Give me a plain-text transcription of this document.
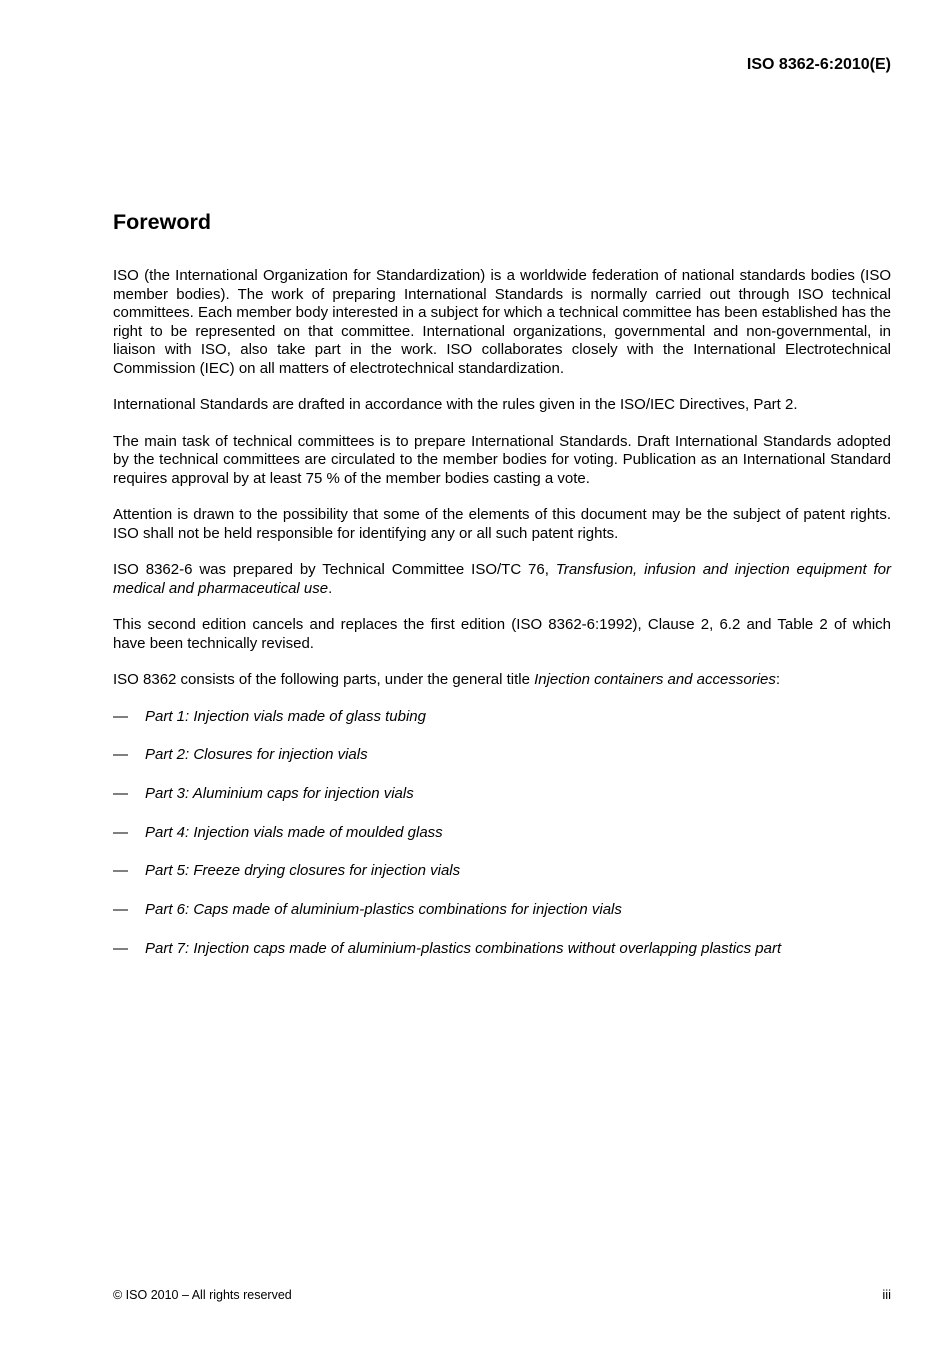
ISO 8362-6:2010(E)
Foreword

ISO (the International Organization for Standardization) is a worldwide federation of national standards bodies (ISO member bodies). The work of preparing International Standards is normally carried out through ISO technical committees. Each member body interested in a subject for which a technical committee has been established has the right to be represented on that committee. International organizations, governmental and non-governmental, in liaison with ISO, also take part in the work. ISO collaborates closely with the International Electrotechnical Commission (IEC) on all matters of electrotechnical standardization.

International Standards are drafted in accordance with the rules given in the ISO/IEC Directives, Part 2.

The main task of technical committees is to prepare International Standards. Draft International Standards adopted by the technical committees are circulated to the member bodies for voting. Publication as an International Standard requires approval by at least 75 % of the member bodies casting a vote.

Attention is drawn to the possibility that some of the elements of this document may be the subject of patent rights. ISO shall not be held responsible for identifying any or all such patent rights.

ISO 8362-6 was prepared by Technical Committee ISO/TC 76, Transfusion, infusion and injection equipment for medical and pharmaceutical use.

This second edition cancels and replaces the first edition (ISO 8362-6:1992), Clause 2, 6.2 and Table 2 of which have been technically revised.

ISO 8362 consists of the following parts, under the general title Injection containers and accessories:

— Part 1: Injection vials made of glass tubing
— Part 2: Closures for injection vials
— Part 3: Aluminium caps for injection vials
— Part 4: Injection vials made of moulded glass
— Part 5: Freeze drying closures for injection vials
— Part 6: Caps made of aluminium-plastics combinations for injection vials
— Part 7: Injection caps made of aluminium-plastics combinations without overlapping plastics part
© ISO 2010 – All rights reserved	iii
